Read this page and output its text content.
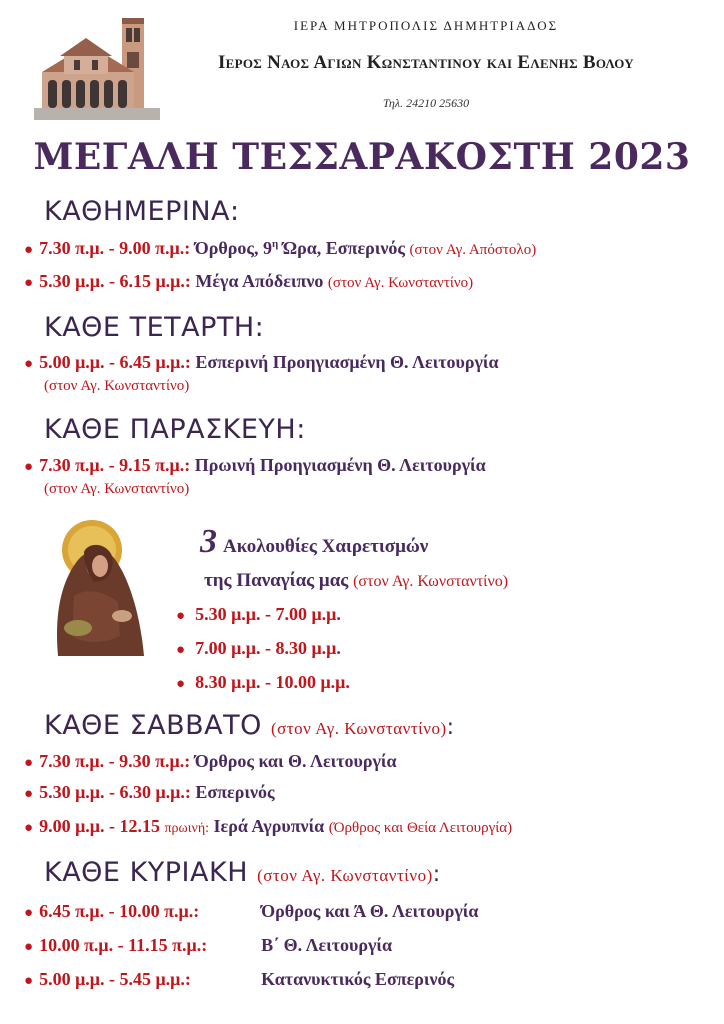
ΙΕΡΑ ΜΗΤΡΟΠΟΛΙΣ ΔΗΜΗΤΡΙΑΔΟΣ
Ιερος Ναος Αγιων Κωνσταντινου και Ελενης Βολου
Τηλ. 24210 25630
ΜΕΓΑΛΗ ΤΕΣΣΑΡΑΚΟΣΤΗ 2023
ΚΑΘΗΜΕΡΙΝΑ:
● 7.30 π.μ. - 9.00 π.μ.: Όρθρος, $9^\eta$ Ώρα, Εσπερινός (στον Αγ. Απόστολο)
● 5.30 μ.μ. - 6.15 μ.μ.: Μέγα Απόδειπνο (στον Αγ. Κωνσταντίνο)
ΚΑΘΕ ΤΕΤΑΡΤΗ:
● 5.00 μ.μ. - 6.45 μ.μ.: Εσπερινή Προηγιασμένη Θ. Λειτουργία
(στον Αγ. Κωνσταντίνο)
ΚΑΘΕ ΠΑΡΑΣΚΕΥΗ:
● 7.30 π.μ. - 9.15 π.μ.: Πρωινή Προηγιασμένη Θ. Λειτουργία
(στον Αγ. Κωνσταντίνο)
3 Ακολουθίες Χαιρετισμών
της Παναγίας μας (στον Αγ. Κωνσταντίνο)
● 5.30 μ.μ. - 7.00 μ.μ.
● 7.00 μ.μ. - 8.30 μ.μ.
● 8.30 μ.μ. - 10.00 μ.μ.
ΚΑΘΕ ΣΑΒΒΑΤΟ (στον Αγ. Κωνσταντίνο):
● 7.30 π.μ. - 9.30 π.μ.: Όρθρος και Θ. Λειτουργία
● 5.30 μ.μ. - 6.30 μ.μ.: Εσπερινός
● 9.00 μ.μ. - 12.15 πρωινή: Ιερά Αγρυπνία (Όρθρος και Θεία Λειτουργία)
ΚΑΘΕ ΚΥΡΙΑΚΗ (στον Αγ. Κωνσταντίνο):
● 6.45 π.μ. - 10.00 π.μ.:	Όρθρος και Ά Θ. Λειτουργία
● 10.00 π.μ. - 11.15 π.μ.:	Β΄ Θ. Λειτουργία
● 5.00 μ.μ. - 5.45 μ.μ.:	Κατανυκτικός Εσπερινός
